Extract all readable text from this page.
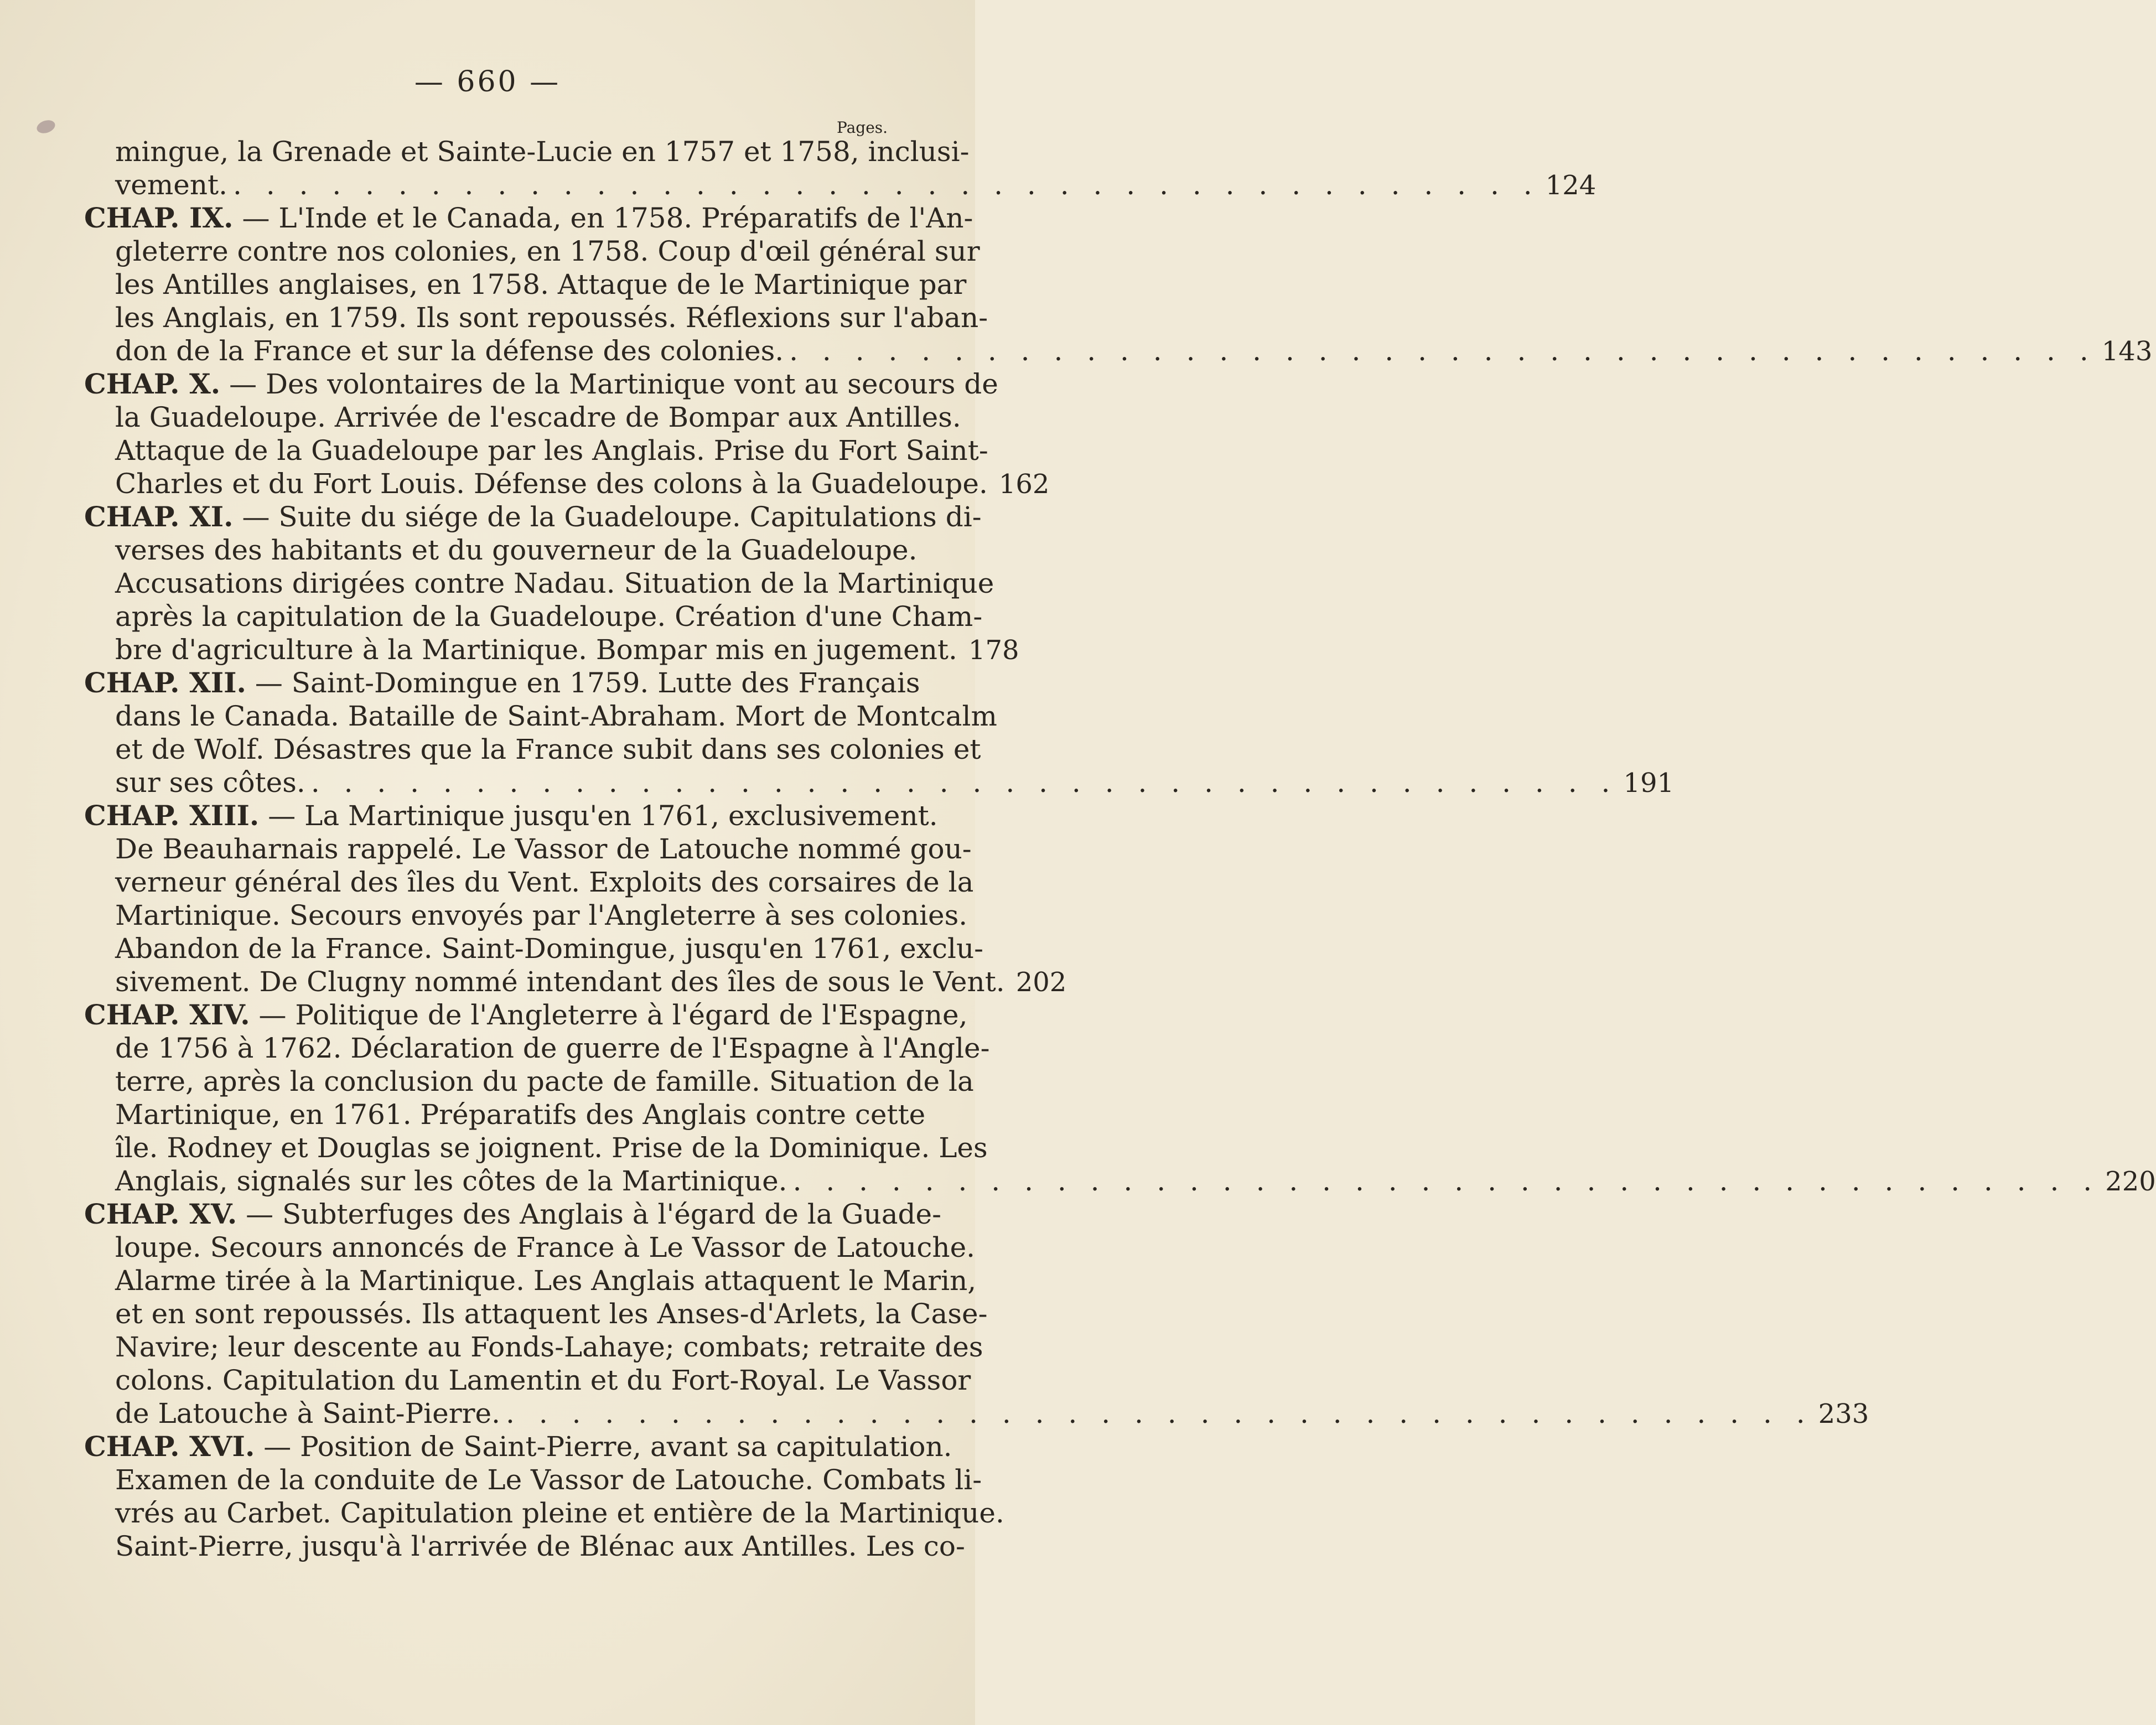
— 660 —
Pages.
mingue, la Grenade et Sainte-Lucie en 1757 et 1758, inclusi-
vement. . . . . . . . . . . . . . . . . . . . . . . . . . . . . . . . . . . . . . . . . 124
CHAP. IX. — L'Inde et le Canada, en 1758. Préparatifs de l'An-
gleterre contre nos colonies, en 1758. Coup d'œil général sur
les Antilles anglaises, en 1758. Attaque de le Martinique par
les Anglais, en 1759. Ils sont repoussés. Réflexions sur l'aban-
don de la France et sur la défense des colonies. . . . . . . . . . . . . . . . . . . . . . . . . . . . . . . . . . . . . . . . . 143
CHAP. X. — Des volontaires de la Martinique vont au secours de
la Guadeloupe. Arrivée de l'escadre de Bompar aux Antilles.
Attaque de la Guadeloupe par les Anglais. Prise du Fort Saint-
Charles et du Fort Louis. Défense des colons à la Guadeloupe. 162
CHAP. XI. — Suite du siége de la Guadeloupe. Capitulations di-
verses des habitants et du gouverneur de la Guadeloupe.
Accusations dirigées contre Nadau. Situation de la Martinique
après la capitulation de la Guadeloupe. Création d'une Cham-
bre d'agriculture à la Martinique. Bompar mis en jugement. 178
CHAP. XII. — Saint-Domingue en 1759. Lutte des Français
dans le Canada. Bataille de Saint-Abraham. Mort de Montcalm
et de Wolf. Désastres que la France subit dans ses colonies et
sur ses côtes. . . . . . . . . . . . . . . . . . . . . . . . . . . . . . . . . . . . . . . . . 191
CHAP. XIII. — La Martinique jusqu'en 1761, exclusivement.
De Beauharnais rappelé. Le Vassor de Latouche nommé gou-
verneur général des îles du Vent. Exploits des corsaires de la
Martinique. Secours envoyés par l'Angleterre à ses colonies.
Abandon de la France. Saint-Domingue, jusqu'en 1761, exclu-
sivement. De Clugny nommé intendant des îles de sous le Vent. 202
CHAP. XIV. — Politique de l'Angleterre à l'égard de l'Espagne,
de 1756 à 1762. Déclaration de guerre de l'Espagne à l'Angle-
terre, après la conclusion du pacte de famille. Situation de la
Martinique, en 1761. Préparatifs des Anglais contre cette
île. Rodney et Douglas se joignent. Prise de la Dominique. Les
Anglais, signalés sur les côtes de la Martinique. . . . . . . . . . . . . . . . . . . . . . . . . . . . . . . . . . . . . . . . . 220
CHAP. XV. — Subterfuges des Anglais à l'égard de la Guade-
loupe. Secours annoncés de France à Le Vassor de Latouche.
Alarme tirée à la Martinique. Les Anglais attaquent le Marin,
et en sont repoussés. Ils attaquent les Anses-d'Arlets, la Case-
Navire; leur descente au Fonds-Lahaye; combats; retraite des
colons. Capitulation du Lamentin et du Fort-Royal. Le Vassor
de Latouche à Saint-Pierre. . . . . . . . . . . . . . . . . . . . . . . . . . . . . . . . . . . . . . . . . 233
CHAP. XVI. — Position de Saint-Pierre, avant sa capitulation.
Examen de la conduite de Le Vassor de Latouche. Combats li-
vrés au Carbet. Capitulation pleine et entière de la Martinique.
Saint-Pierre, jusqu'à l'arrivée de Blénac aux Antilles. Les co-
